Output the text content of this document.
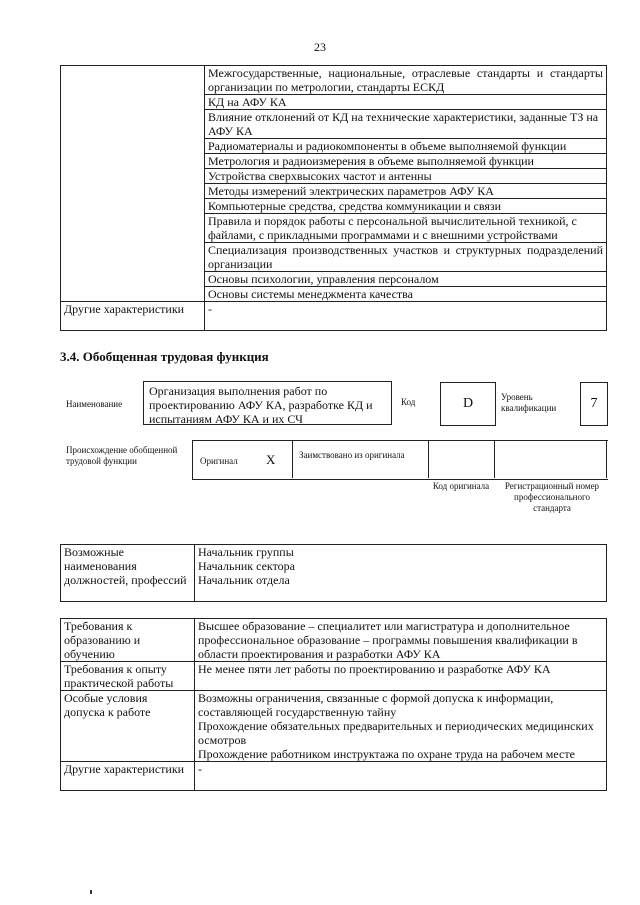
23
	Межгосударственные, национальные, отраслевые стандарты и стандарты организации по метрологии, стандарты ЕСКД
	КД на АФУ КА
	Влияние отклонений от КД на технические характеристики, заданные ТЗ на АФУ КА
	Радиоматериалы и радиокомпоненты в объеме выполняемой функции
	Метрология и радиоизмерения в объеме выполняемой функции
	Устройства сверхвысоких частот и антенны
	Методы измерений электрических параметров АФУ КА
	Компьютерные средства, средства коммуникации и связи
	Правила и порядок работы с персональной вычислительной техникой, с файлами, с прикладными программами и с внешними устройствами
	Специализация производственных участков и структурных подразделений организации
	Основы психологии, управления персоналом
	Основы системы менеджмента качества
Другие характеристики	-
3.4. Обобщенная трудовая функция
Наименование
Организация выполнения работ по проектированию АФУ КА, разработке КД и испытаниям АФУ КА и их СЧ
Код	D	Уровень квалификации	7
Происхождение обобщенной трудовой функции	Оригинал X	Заимствовано из оригинала
Код оригинала	Регистрационный номер профессионального стандарта
Возможные наименования должностей, профессий	
Начальник группы
Начальник сектора
Начальник отдела
Требования к образованию и обучению	Высшее образование – специалитет или магистратура и дополнительное профессиональное образование – программы повышения квалификации в области проектирования и разработки АФУ КА
Требования к опыту практической работы	Не менее пяти лет работы по проектированию и разработке АФУ КА
Особые условия допуска к работе	Возможны ограничения, связанные с формой допуска к информации, составляющей государственную тайну
Прохождение обязательных предварительных и периодических медицинских осмотров
Прохождение работником инструктажа по охране труда на рабочем месте

Другие характеристики	-
